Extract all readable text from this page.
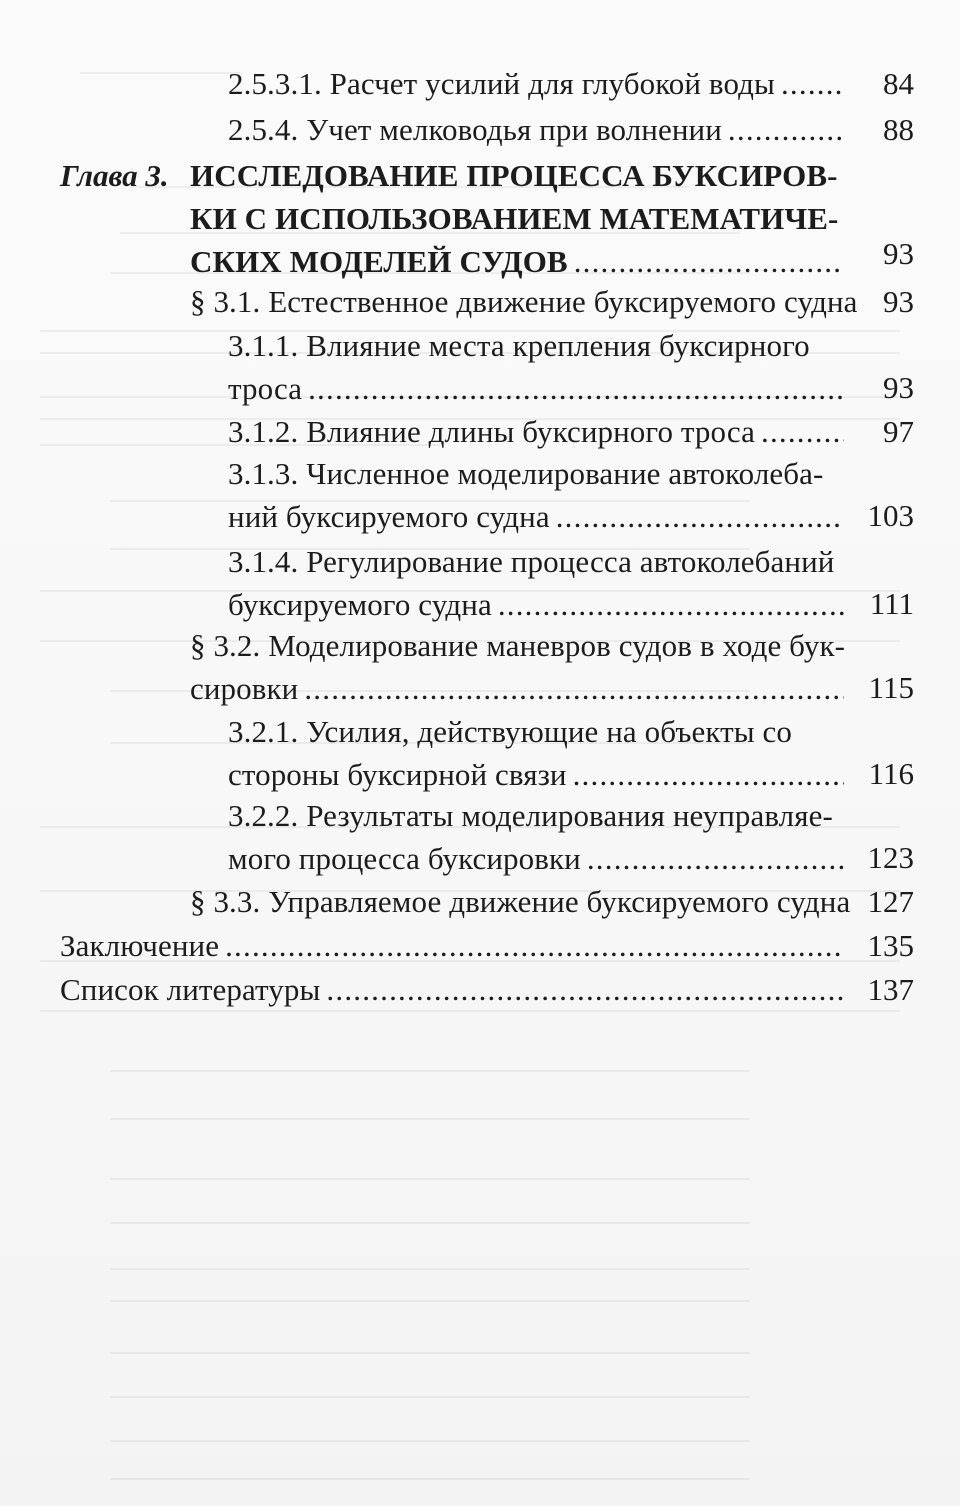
2.5.3.1. Расчет усилий для глубокой воды .....	84
2.5.4. Учет мелководья при волнении .....	88
Глава 3. ИССЛЕДОВАНИЕ ПРОЦЕССА БУКСИРОВ-
КИ С ИСПОЛЬЗОВАНИЕМ МАТЕМАТИЧЕ-
СКИХ МОДЕЛЕЙ СУДОВ .....	93
§ 3.1. Естественное движение буксируемого судна 93
3.1.1. Влияние места крепления буксирного
троса .....	93
3.1.2. Влияние длины буксирного троса .....	97
3.1.3. Численное моделирование автоколеба-
ний буксируемого судна .....	103
3.1.4. Регулирование процесса автоколебаний
буксируемого судна .....	111
§ 3.2. Моделирование маневров судов в ходе бук-
сировки .....	115
3.2.1. Усилия, действующие на объекты со
стороны буксирной связи .....	116
3.2.2. Результаты моделирования неуправляе-
мого процесса буксировки .....	123
§ 3.3. Управляемое движение буксируемого судна 127
Заключение .....	135
Список литературы .....	137
